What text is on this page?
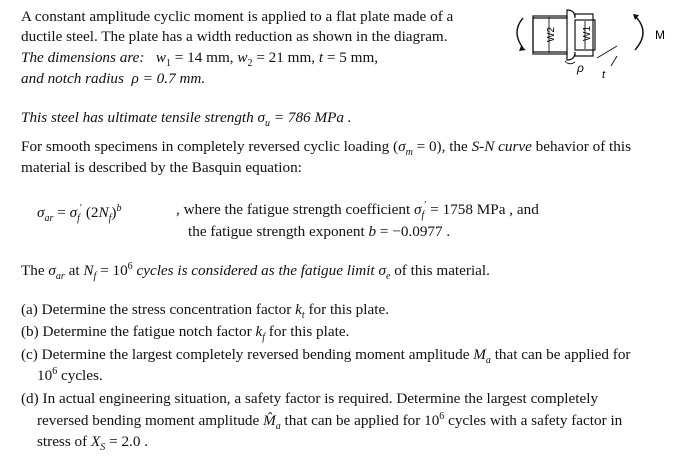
A constant amplitude cyclic moment is applied to a flat plate made of a
ductile steel. The plate has a width reduction as shown in the diagram.
The dimensions are: $w_1 = 14$ mm, $w_2 = 21$ mm, t = 5 mm,
and notch radius ρ = 0.7 mm.
W2	W1
ρ t
M
This steel has ultimate tensile strength $\sigma_u = 786$ MPa .
For smooth specimens in completely reversed cyclic loading $(\sigma_m = 0)$, the S-N curve behavior of this
material is described by the Basquin equation:
$\sigma_{ar} = \sigma_f'$ $(2N_f)^b$	, where the fatigue strength coefficient $\sigma_f' = 1758$ MPa , and
the fatigue strength exponent b = −0.0977 .
The $\sigma_{ar}$ at $N_f = 10^6$ cycles is considered as the fatigue limit $\sigma_e$ of this material.
(a) Determine the stress concentration factor $k_t$ for this plate.
(b) Determine the fatigue notch factor $k_f$ for this plate.
(c) Determine the largest completely reversed bending moment amplitude $M_a$ that can be applied for
$10^6$ cycles.
(d) In actual engineering situation, a safety factor is required. Determine the largest completely
reversed bending moment amplitude $M̂_a$ that can be applied for $10^6$ cycles with a safety factor in
stress of $X_S = 2.0$ .
